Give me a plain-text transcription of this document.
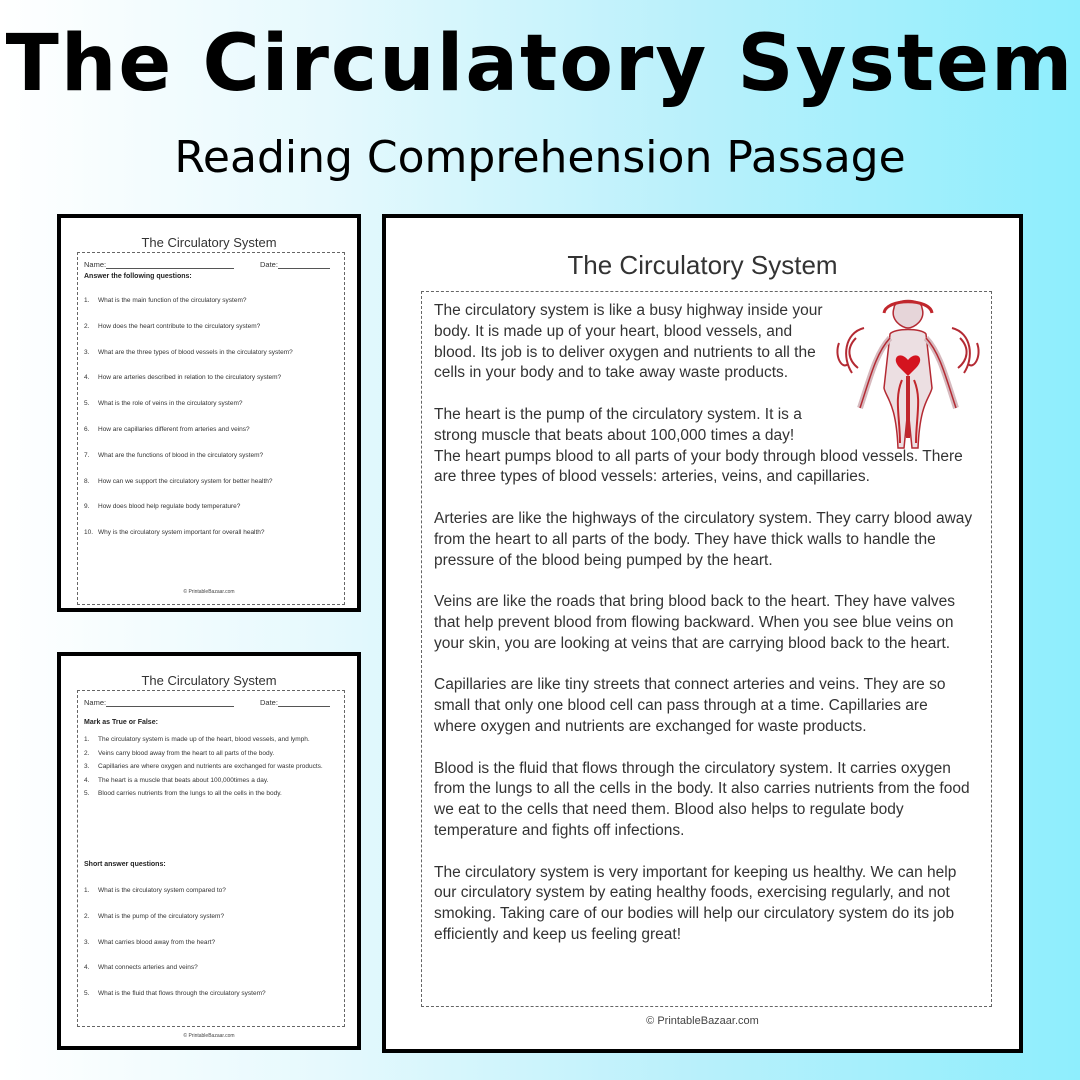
The Circulatory System
Reading Comprehension Passage
The Circulatory System
Name:	Date:
Answer the following questions:
1.	What is the main function of the circulatory system?
2.	How does the heart contribute to the circulatory system?
3.	What are the three types of blood vessels in the circulatory system?
4.	How are arteries described in relation to the circulatory system?
5.	What is the role of veins in the circulatory system?
6.	How are capillaries different from arteries and veins?
7.	What are the functions of blood in the circulatory system?
8.	How can we support the circulatory system for better health?
9.	How does blood help regulate body temperature?
10. Why is the circulatory system important for overall health?
© PrintableBazaar.com
The Circulatory System
Name:	Date:
Mark as True or False:
1.	The circulatory system is made up of the heart, blood vessels, and lymph.
2.	Veins carry blood away from the heart to all parts of the body.
3.	Capillaries are where oxygen and nutrients are exchanged for waste products.
4.	The heart is a muscle that beats about 100,000times a day.
5.	Blood carries nutrients from the lungs to all the cells in the body.
Short answer questions:
1.	What is the circulatory system compared to?
2.	What is the pump of the circulatory system?
3.	What carries blood away from the heart?
4.	What connects arteries and veins?
5.	What is the fluid that flows through the circulatory system?
© PrintableBazaar.com
The Circulatory System

The circulatory system is like a busy highway inside your body. It is made up of your heart, blood vessels, and blood. Its job is to deliver oxygen and nutrients to all the cells in your body and to take away waste products.

The heart is the pump of the circulatory system. It is a strong muscle that beats about 100,000 times a day! The heart pumps blood to all parts of your body through blood vessels. There are three types of blood vessels: arteries, veins, and capillaries.

Arteries are like the highways of the circulatory system. They carry blood away from the heart to all parts of the body. They have thick walls to handle the pressure of the blood being pumped by the heart.

Veins are like the roads that bring blood back to the heart. They have valves that help prevent blood from flowing backward. When you see blue veins on your skin, you are looking at veins that are carrying blood back to the heart.

Capillaries are like tiny streets that connect arteries and veins. They are so small that only one blood cell can pass through at a time. Capillaries are where oxygen and nutrients are exchanged for waste products.

Blood is the fluid that flows through the circulatory system. It carries oxygen from the lungs to all the cells in the body. It also carries nutrients from the food we eat to the cells that need them. Blood also helps to regulate body temperature and fights off infections.

The circulatory system is very important for keeping us healthy. We can help our circulatory system by eating healthy foods, exercising regularly, and not smoking. Taking care of our bodies will help our circulatory system do its job efficiently and keep us feeling great!

© PrintableBazaar.com
